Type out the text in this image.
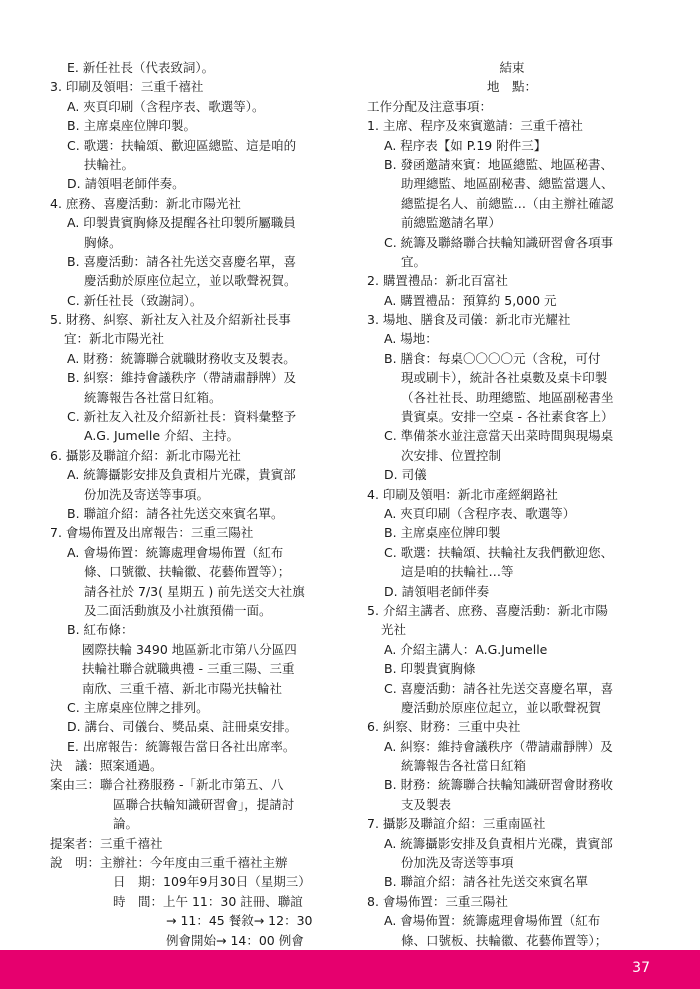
E. 新任社長（代表致詞）。
3. 印刷及領唱：三重千禧社
A. 夾頁印刷（含程序表、歌選等）。
B. 主席桌座位牌印製。
C. 歌選：扶輪頌、歡迎區總監、這是咱的
扶輪社。
D. 請領唱老師伴奏。
4. 庶務、喜慶活動：新北市陽光社
A. 印製貴賓胸條及提醒各社印製所屬職員
胸條。
B. 喜慶活動：請各社先送交喜慶名單，喜
慶活動於原座位起立，並以歌聲祝賀。
C. 新任社長（致謝詞）。
5. 財務、糾察、新社友入社及介紹新社長事
宜：新北市陽光社
A. 財務：統籌聯合就職財務收支及製表。
B. 糾察：維持會議秩序（帶請肅靜牌）及
統籌報告各社當日紅箱。
C. 新社友入社及介紹新社長：資料彙整予
A.G. Jumelle 介紹、主持。
6. 攝影及聯誼介紹：新北市陽光社
A. 統籌攝影安排及負責相片光碟，貴賓部
份加洗及寄送等事項。
B. 聯誼介紹：請各社先送交來賓名單。
7. 會場佈置及出席報告：三重三陽社
A. 會場佈置：統籌處理會場佈置（紅布
條、口號徽、扶輪徽、花藝佈置等）；
請各社於 7/3( 星期五 ) 前先送交大社旗
及二面活動旗及小社旗預備一面。
B. 紅布條：
國際扶輪 3490 地區新北市第八分區四
扶輪社聯合就職典禮 - 三重三陽、三重
南欣、三重千禧、新北市陽光扶輪社
C. 主席桌座位牌之排列。
D. 講台、司儀台、獎品桌、註冊桌安排。
E. 出席報告：統籌報告當日各社出席率。
決　議：照案通過。
案由三：聯合社務服務 -「新北市第五、八
區聯合扶輪知識研習會」，提請討
論。
提案者：三重千禧社
說　明：主辦社：今年度由三重千禧社主辦
日　期：109年9月30日（星期三）
時　間：上午 11：30 註冊、聯誼
→ 11：45 餐敘→ 12：30
例會開始→ 14：00 例會
結束
地　點：
工作分配及注意事項：
1. 主席、程序及來賓邀請：三重千禧社
A. 程序表【如 P.19 附件三】
B. 發函邀請來賓：地區總監、地區秘書、
助理總監、地區副秘書、總監當選人、
總監提名人、前總監…（由主辦社確認
前總監邀請名單）
C. 統籌及聯絡聯合扶輪知識研習會各項事
宜。
2. 購置禮品：新北百富社
A. 購置禮品：預算約 5,000 元
3. 場地、膳食及司儀：新北市光耀社
A. 場地：
B. 膳食：每桌〇〇〇〇元（含稅，可付
現或刷卡），統計各社桌數及桌卡印製
（各社社長、助理總監、地區副秘書坐
貴賓桌。安排一空桌 - 各社素食客上）
C. 準備茶水並注意當天出菜時間與現場桌
次安排、位置控制
D. 司儀
4. 印刷及領唱：新北市產經網路社
A. 夾頁印刷（含程序表、歌選等）
B. 主席桌座位牌印製
C. 歌選：扶輪頌、扶輪社友我們歡迎您、
這是咱的扶輪社…等
D. 請領唱老師伴奏
5. 介紹主講者、庶務、喜慶活動：新北市陽
光社
A. 介紹主講人：A.G.Jumelle
B. 印製貴賓胸條
C. 喜慶活動：請各社先送交喜慶名單，喜
慶活動於原座位起立，並以歌聲祝賀
6. 糾察、財務：三重中央社
A. 糾察：維持會議秩序（帶請肅靜牌）及
統籌報告各社當日紅箱
B. 財務：統籌聯合扶輪知識研習會財務收
支及製表
7. 攝影及聯誼介紹：三重南區社
A. 統籌攝影安排及負責相片光碟，貴賓部
份加洗及寄送等事項
B. 聯誼介紹：請各社先送交來賓名單
8. 會場佈置：三重三陽社
A. 會場佈置：統籌處理會場佈置（紅布
條、口號板、扶輪徽、花藝佈置等）；
37
